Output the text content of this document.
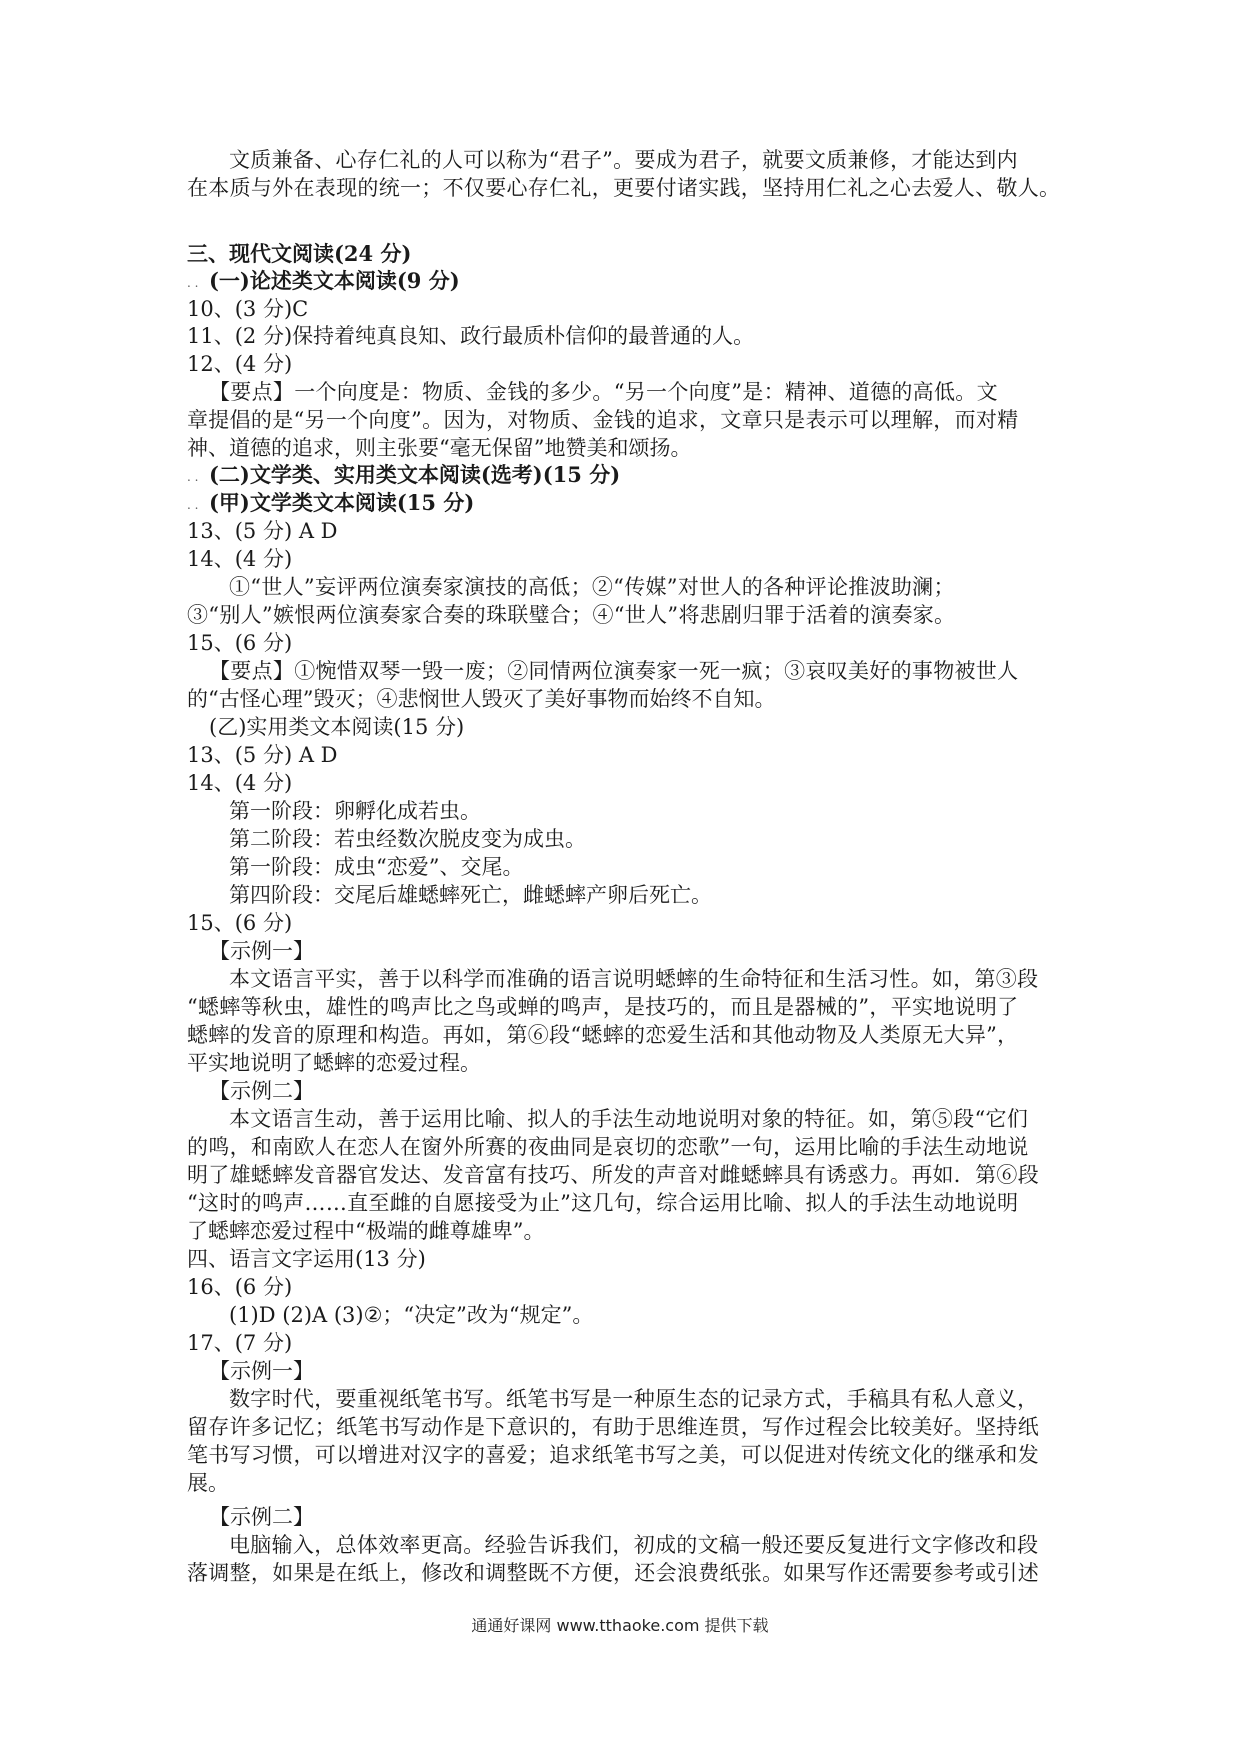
文质兼备、心存仁礼的人可以称为“君子”。要成为君子，就要文质兼修，才能达到内
在本质与外在表现的统一；不仅要心存仁礼，更要付诸实践，坚持用仁礼之心去爱人、敬人。
三、现代文阅读(24 分)
. . (一)论述类文本阅读(9 分)
10、(3 分)C
11、(2 分)保持着纯真良知、政行最质朴信仰的最普通的人。
12、(4 分)
【要点】一个向度是：物质、金钱的多少。“另一个向度”是：精神、道德的高低。文
章提倡的是“另一个向度”。因为，对物质、金钱的追求，文章只是表示可以理解，而对精
神、道德的追求，则主张要“毫无保留”地赞美和颂扬。
. . (二)文学类、实用类文本阅读(选考)(15 分)
. . (甲)文学类文本阅读(15 分)
13、(5 分) A D
14、(4 分)
①“世人”妄评两位演奏家演技的高低；②“传媒”对世人的各种评论推波助澜；
③“别人”嫉恨两位演奏家合奏的珠联璧合；④“世人”将悲剧归罪于活着的演奏家。
15、(6 分)
【要点】①惋惜双琴一毁一废；②同情两位演奏家一死一疯；③哀叹美好的事物被世人
的“古怪心理”毁灭；④悲悯世人毁灭了美好事物而始终不自知。
(乙)实用类文本阅读(15 分)
13、(5 分) A D
14、(4 分)
第一阶段：卵孵化成若虫。
第二阶段：若虫经数次脱皮变为成虫。
第一阶段：成虫“恋爱”、交尾。
第四阶段：交尾后雄蟋蟀死亡，雌蟋蟀产卵后死亡。
15、(6 分)
【示例一】
本文语言平实，善于以科学而准确的语言说明蟋蟀的生命特征和生活习性。如，第③段
“蟋蟀等秋虫，雄性的鸣声比之鸟或蝉的鸣声，是技巧的，而且是器械的”，平实地说明了
蟋蟀的发音的原理和构造。再如，第⑥段“蟋蟀的恋爱生活和其他动物及人类原无大异”，
平实地说明了蟋蟀的恋爱过程。
【示例二】
本文语言生动，善于运用比喻、拟人的手法生动地说明对象的特征。如，第⑤段“它们
的鸣，和南欧人在恋人在窗外所赛的夜曲同是哀切的恋歌”一句，运用比喻的手法生动地说
明了雄蟋蟀发音器官发达、发音富有技巧、所发的声音对雌蟋蟀具有诱惑力。再如．第⑥段
“这时的鸣声……直至雌的自愿接受为止”这几句，综合运用比喻、拟人的手法生动地说明
了蟋蟀恋爱过程中“极端的雌尊雄卑”。
四、语言文字运用(13 分)
16、(6 分)
(1)D (2)A (3)②；“决定”改为“规定”。
17、(7 分)
【示例一】
数字时代，要重视纸笔书写。纸笔书写是一种原生态的记录方式，手稿具有私人意义，
留存许多记忆；纸笔书写动作是下意识的，有助于思维连贯，写作过程会比较美好。坚持纸
笔书写习惯，可以增进对汉字的喜爱；追求纸笔书写之美，可以促进对传统文化的继承和发
展。
【示例二】
电脑输入，总体效率更高。经验告诉我们，初成的文稿一般还要反复进行文字修改和段
落调整，如果是在纸上，修改和调整既不方便，还会浪费纸张。如果写作还需要参考或引述
通通好课网 www.tthaoke.com 提供下载
